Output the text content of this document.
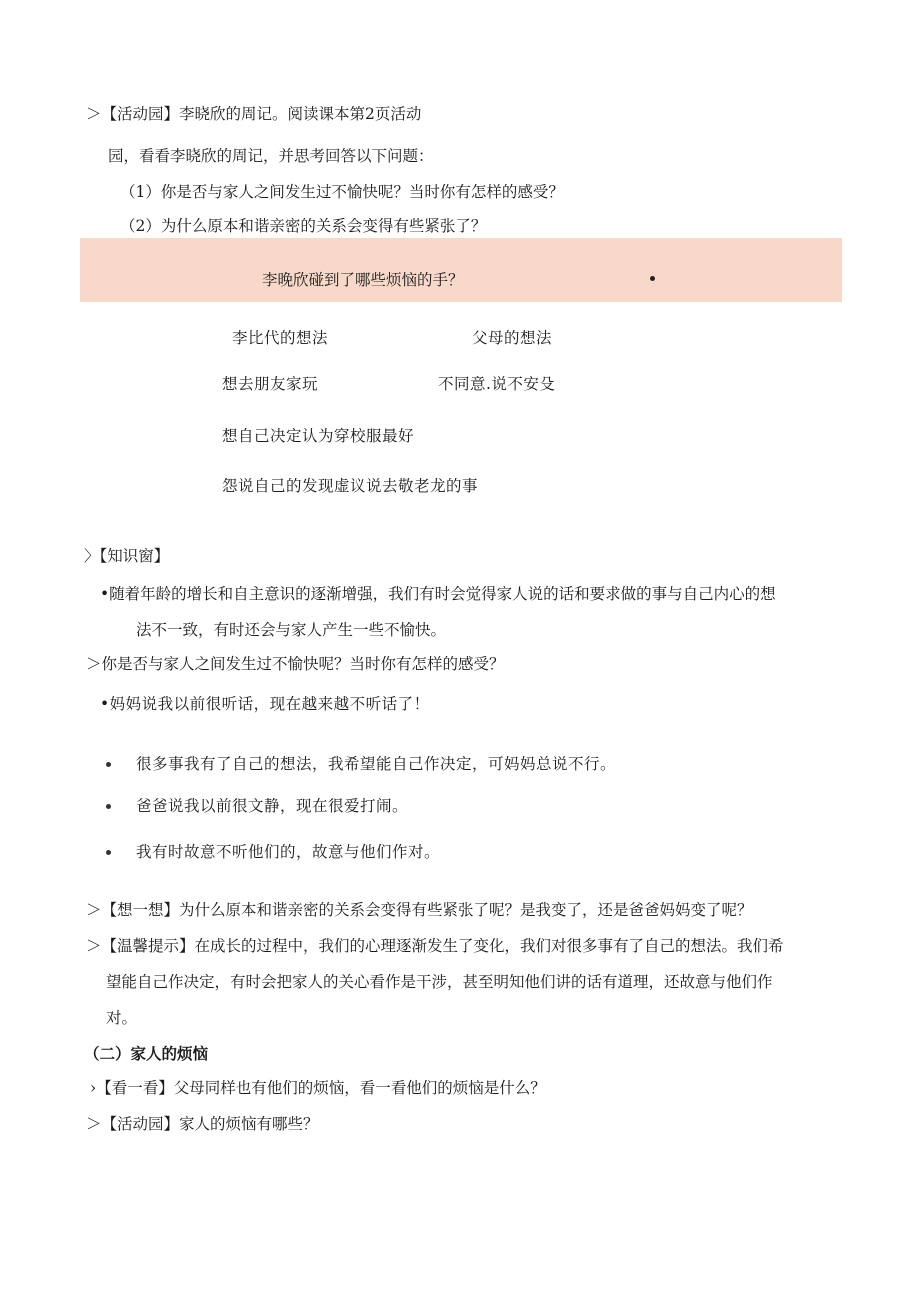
＞【活动园】李晓欣的周记。阅读课本第2页活动
园，看看李晓欣的周记，并思考回答以下问题：
（1）你是否与家人之间发生过不愉快呢？当时你有怎样的感受？
（2）为什么原本和谐亲密的关系会变得有些紧张了？
李晚欣碰到了哪些烦恼的手？
李比代的想法	父母的想法
想去朋友家玩	不同意.说不安殳
想自己决定认为穿校服最好
怨说自己的发现虚议说去敬老龙的事
〉【知识窗】
•随着年龄的增长和自主意识的逐渐增强，我们有时会觉得家人说的话和要求做的事与自己内心的想
法不一致，有时还会与家人产生一些不愉快。
＞你是否与家人之间发生过不愉快呢？当时你有怎样的感受？
•妈妈说我以前很听话，现在越来越不听话了！
很多事我有了自己的想法，我希望能自己作决定，可妈妈总说不行。
爸爸说我以前很文静，现在很爱打闹。
我有时故意不听他们的，故意与他们作对。
＞【想一想】为什么原本和谐亲密的关系会变得有些紧张了呢？是我变了，还是爸爸妈妈变了呢？
＞【温馨提示】在成长的过程中，我们的心理逐渐发生了变化，我们对很多事有了自己的想法。我们希
望能自己作决定，有时会把家人的关心看作是干涉，甚至明知他们讲的话有道理，还故意与他们作
对。
（二）家人的烦恼
›【看一看】父母同样也有他们的烦恼，看一看他们的烦恼是什么？
＞【活动园】家人的烦恼有哪些？
